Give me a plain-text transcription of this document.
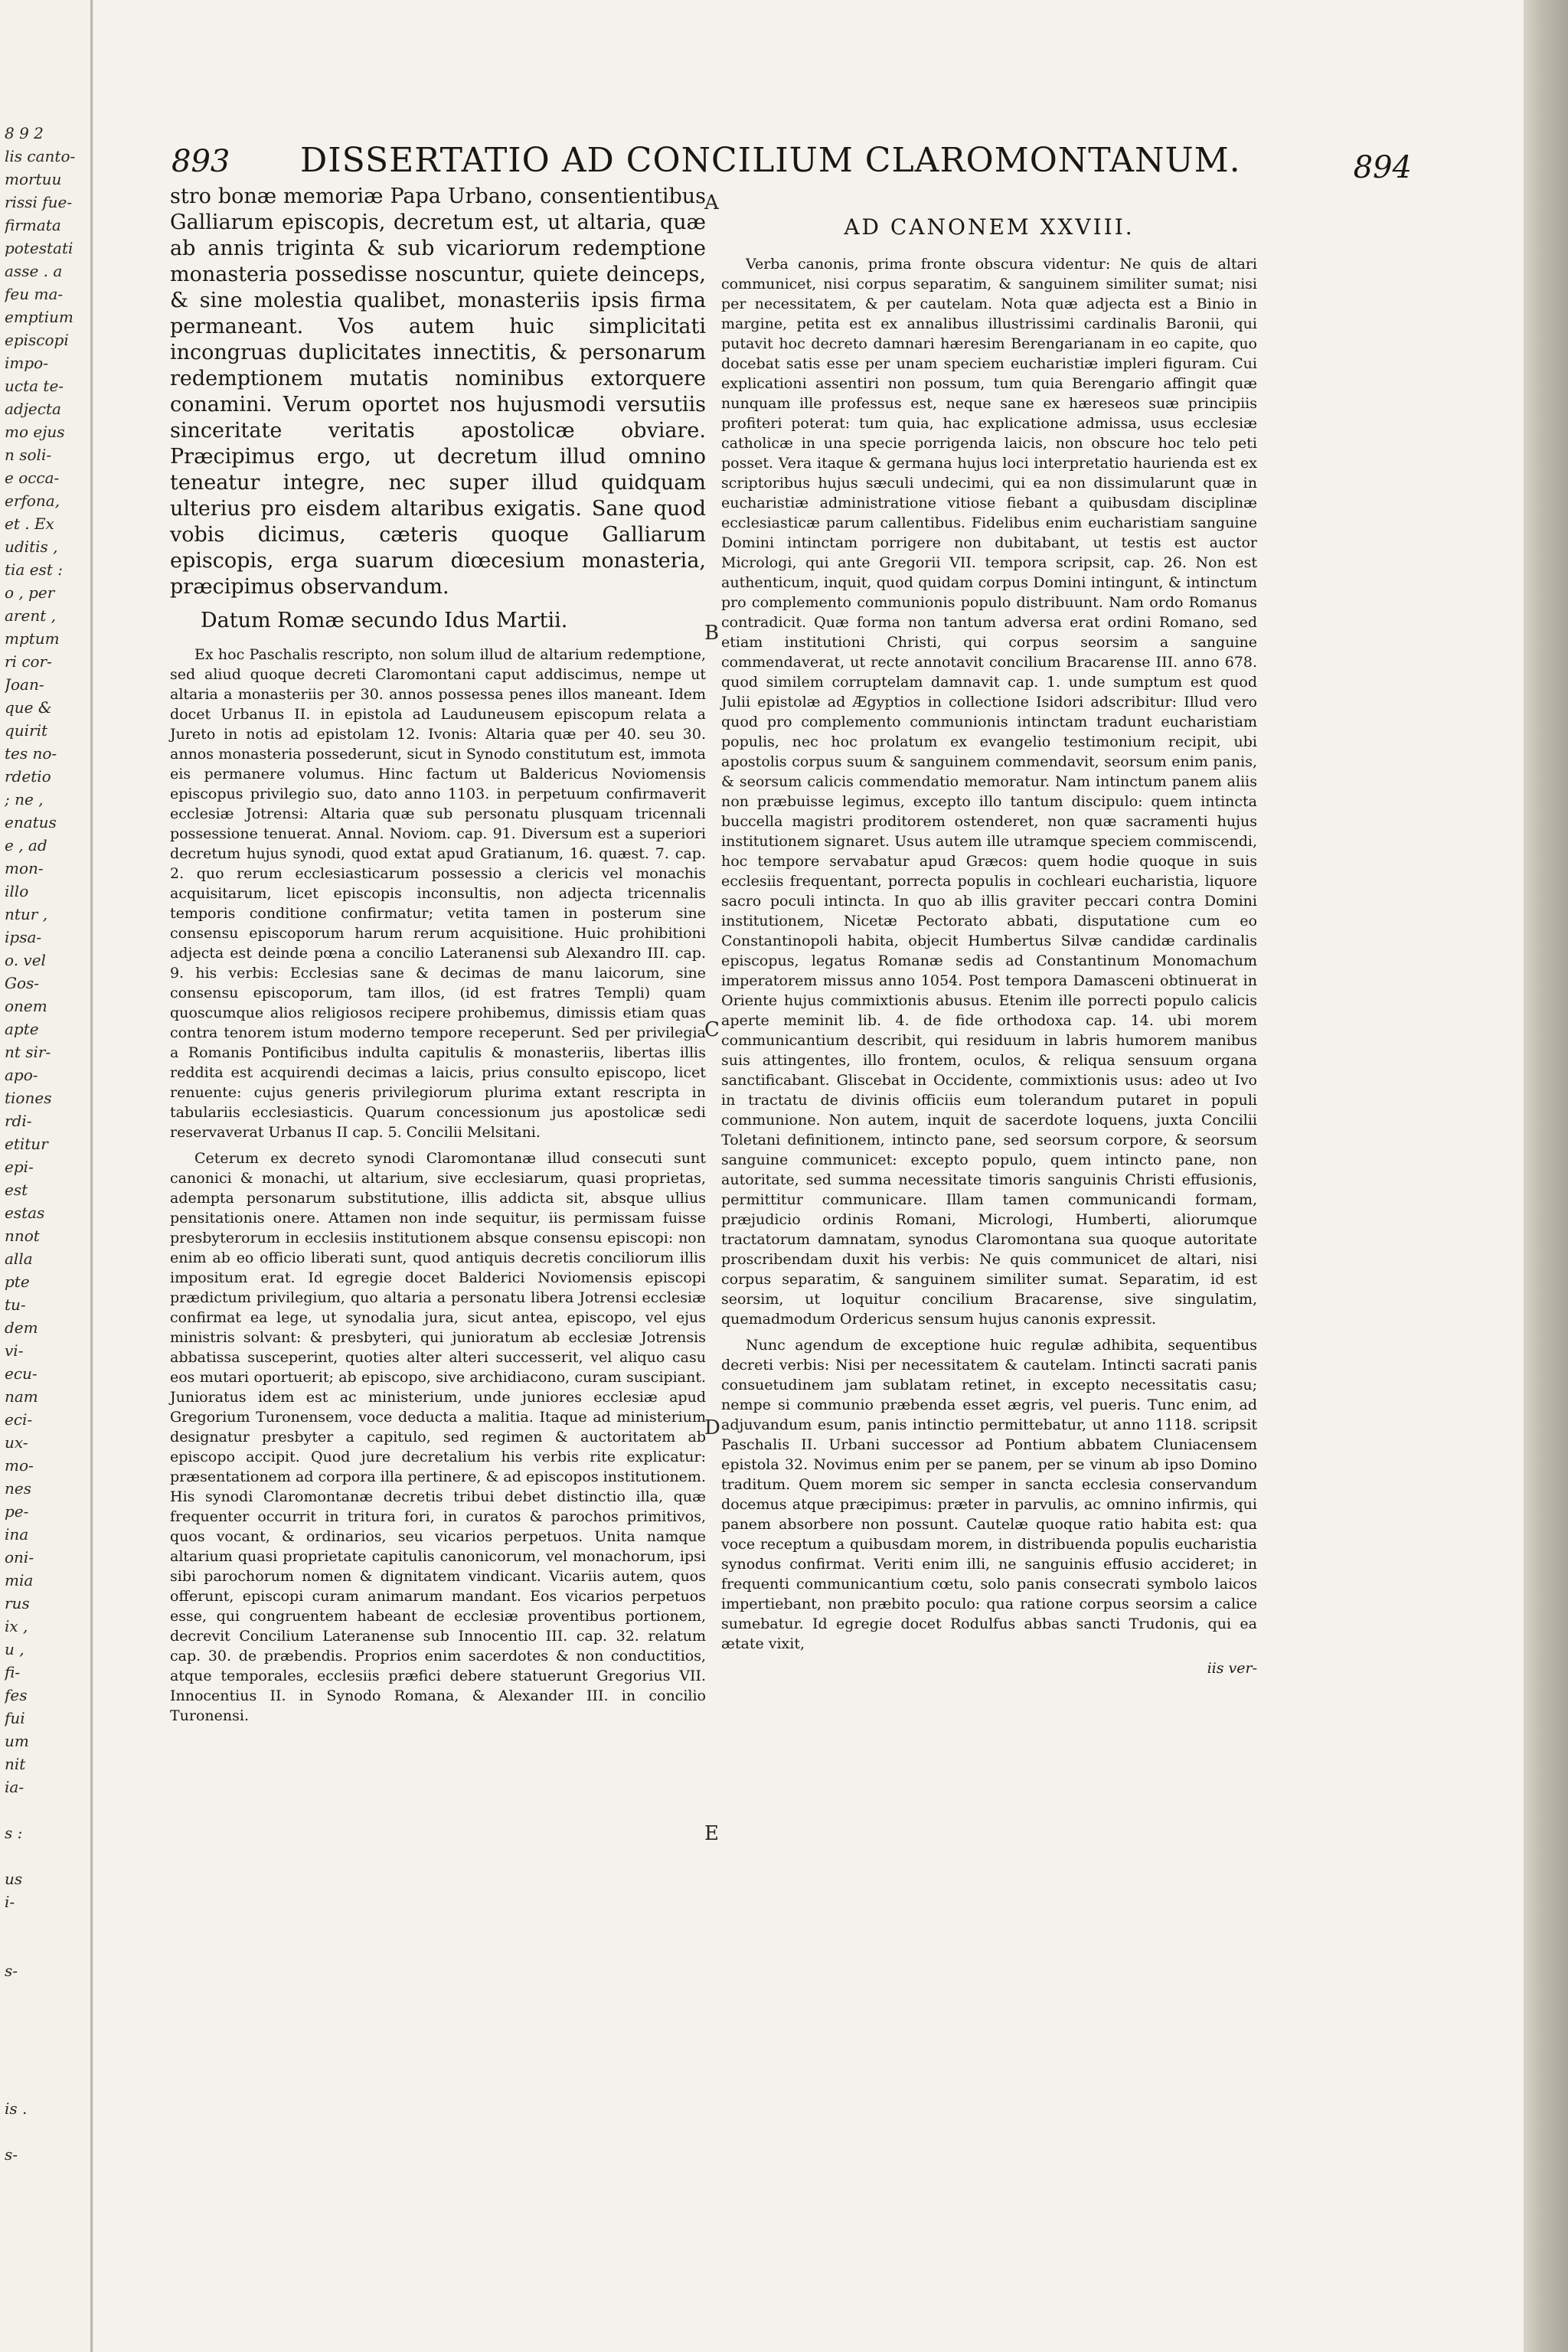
8 9 2
lis canto-
mortuu
rissi fue-
firmata
potestati
asse . a
feu ma-
emptium
episcopi
impo-
ucta te-
adjecta
mo ejus
n soli-
e occa-
erfona,
et . Ex
uditis ,
tia est :
o , per
arent ,
mptum
ri cor-
Joan-
que &
quirit
tes no-
rdetio
; ne ,
enatus
e , ad
mon-
illo
ntur ,
ipsa-
o. vel
Gos-
onem
apte
nt sir-
apo-
tiones
rdi-
etitur
epi-
est
estas
nnot
alla
pte
tu-
dem
vi-
ecu-
nam
eci-
ux-
mo-
nes
pe-
ina
oni-
mia
rus
ix ,
u ,
fi-
fes
fui
um
nit
ia-
s :
us
i-
s-
is .
s-
893 DISSERTATIO AD CONCILIUM CLAROMONTANUM.	894
A
B
C
D
E

stro bonæ memoriæ Papa Urbano, consentientibus Galliarum episcopis, decretum est, ut altaria, quæ ab annis triginta & sub vicariorum redemptione monasteria possedisse noscuntur, quiete deinceps, & sine molestia qualibet, monasteriis ipsis firma permaneant. Vos autem huic simplicitati incongruas duplicitates innectitis, & personarum redemptionem mutatis nominibus extorquere conamini. Verum oportet nos hujusmodi versutiis sinceritate veritatis apostolicæ obviare. Præcipimus ergo, ut decretum illud omnino teneatur integre, nec super illud quidquam ulterius pro eisdem altaribus exigatis. Sane quod vobis dicimus, cæteris quoque Galliarum episcopis, erga suarum diœcesium monasteria, præcipimus observandum.

Datum Romæ secundo Idus Martii.

Ex hoc Paschalis rescripto, non solum illud de altarium redemptione, sed aliud quoque decreti Claromontani caput addiscimus, nempe ut altaria a monasteriis per 30. annos possessa penes illos maneant. Idem docet Urbanus II. in epistola ad Lauduneusem episcopum relata a Jureto in notis ad epistolam 12. Ivonis: Altaria quæ per 40. seu 30. annos monasteria possederunt, sicut in Synodo constitutum est, immota eis permanere volumus. Hinc factum ut Baldericus Noviomensis episcopus privilegio suo, dato anno 1103. in perpetuum confirmaverit ecclesiæ Jotrensi: Altaria quæ sub personatu plusquam tricennali possessione tenuerat. Annal. Noviom. cap. 91. Diversum est a superiori decretum hujus synodi, quod extat apud Gratianum, 16. quæst. 7. cap. 2. quo rerum ecclesiasticarum possessio a clericis vel monachis acquisitarum, licet episcopis inconsultis, non adjecta tricennalis temporis conditione confirmatur; vetita tamen in posterum sine consensu episcoporum harum rerum acquisitione. Huic prohibitioni adjecta est deinde pœna a concilio Lateranensi sub Alexandro III. cap. 9. his verbis: Ecclesias sane & decimas de manu laicorum, sine consensu episcoporum, tam illos, (id est fratres Templi) quam quoscumque alios religiosos recipere prohibemus, dimissis etiam quas contra tenorem istum moderno tempore receperunt. Sed per privilegia a Romanis Pontificibus indulta capitulis & monasteriis, libertas illis reddita est acquirendi decimas a laicis, prius consulto episcopo, licet renuente: cujus generis privilegiorum plurima extant rescripta in tabulariis ecclesiasticis. Quarum concessionum jus apostolicæ sedi reservaverat Urbanus II cap. 5. Concilii Melsitani.

Ceterum ex decreto synodi Claromontanæ illud consecuti sunt canonici & monachi, ut altarium, sive ecclesiarum, quasi proprietas, adempta personarum substitutione, illis addicta sit, absque ullius pensitationis onere. Attamen non inde sequitur, iis permissam fuisse presbyterorum in ecclesiis institutionem absque consensu episcopi: non enim ab eo officio liberati sunt, quod antiquis decretis conciliorum illis impositum erat. Id egregie docet Balderici Noviomensis episcopi prædictum privilegium, quo altaria a personatu libera Jotrensi ecclesiæ confirmat ea lege, ut synodalia jura, sicut antea, episcopo, vel ejus ministris solvant: & presbyteri, qui junioratum ab ecclesiæ Jotrensis abbatissa susceperint, quoties alter alteri successerit, vel aliquo casu eos mutari oportuerit; ab episcopo, sive archidiacono, curam suscipiant. Junioratus idem est ac ministerium, unde juniores ecclesiæ apud Gregorium Turonensem, voce deducta a malitia. Itaque ad ministerium designatur presbyter a capitulo, sed regimen & auctoritatem ab episcopo accipit. Quod jure decretalium his verbis rite explicatur: præsentationem ad corpora illa pertinere, & ad episcopos institutionem. His synodi Claromontanæ decretis tribui debet distinctio illa, quæ frequenter occurrit in tritura fori, in curatos & parochos primitivos, quos vocant, & ordinarios, seu vicarios perpetuos. Unita namque altarium quasi proprietate capitulis canonicorum, vel monachorum, ipsi sibi parochorum nomen & dignitatem vindicant. Vicariis autem, quos offerunt, episcopi curam animarum mandant. Eos vicarios perpetuos esse, qui congruentem habeant de ecclesiæ proventibus portionem, decrevit Concilium Lateranense sub Innocentio III. cap. 32. relatum cap. 30. de præbendis. Proprios enim sacerdotes & non conductitios, atque temporales, ecclesiis præfici debere statuerunt Gregorius VII. Innocentius II. in Synodo Romana, & Alexander III. in concilio Turonensi.

AD CANONEM XXVIII.

Verba canonis, prima fronte obscura videntur: Ne quis de altari communicet, nisi corpus separatim, & sanguinem similiter sumat; nisi per necessitatem, & per cautelam. Nota quæ adjecta est a Binio in margine, petita est ex annalibus illustrissimi cardinalis Baronii, qui putavit hoc decreto damnari hæresim Berengarianam in eo capite, quo docebat satis esse per unam speciem eucharistiæ impleri figuram. Cui explicationi assentiri non possum, tum quia Berengario affingit quæ nunquam ille professus est, neque sane ex hæreseos suæ principiis profiteri poterat: tum quia, hac explicatione admissa, usus ecclesiæ catholicæ in una specie porrigenda laicis, non obscure hoc telo peti posset. Vera itaque & germana hujus loci interpretatio haurienda est ex scriptoribus hujus sæculi undecimi, qui ea non dissimularunt quæ in eucharistiæ administratione vitiose fiebant a quibusdam disciplinæ ecclesiasticæ parum callentibus. Fidelibus enim eucharistiam sanguine Domini intinctam porrigere non dubitabant, ut testis est auctor Micrologi, qui ante Gregorii VII. tempora scripsit, cap. 26. Non est authenticum, inquit, quod quidam corpus Domini intingunt, & intinctum pro complemento communionis populo distribuunt. Nam ordo Romanus contradicit. Quæ forma non tantum adversa erat ordini Romano, sed etiam institutioni Christi, qui corpus seorsim a sanguine commendaverat, ut recte annotavit concilium Bracarense III. anno 678. quod similem corruptelam damnavit cap. 1. unde sumptum est quod Julii epistolæ ad Ægyptios in collectione Isidori adscribitur: Illud vero quod pro complemento communionis intinctam tradunt eucharistiam populis, nec hoc prolatum ex evangelio testimonium recipit, ubi apostolis corpus suum & sanguinem commendavit, seorsum enim panis, & seorsum calicis commendatio memoratur. Nam intinctum panem aliis non præbuisse legimus, excepto illo tantum discipulo: quem intincta buccella magistri proditorem ostenderet, non quæ sacramenti hujus institutionem signaret. Usus autem ille utramque speciem commiscendi, hoc tempore servabatur apud Græcos: quem hodie quoque in suis ecclesiis frequentant, porrecta populis in cochleari eucharistia, liquore sacro poculi intincta. In quo ab illis graviter peccari contra Domini institutionem, Nicetæ Pectorato abbati, disputatione cum eo Constantinopoli habita, objecit Humbertus Silvæ candidæ cardinalis episcopus, legatus Romanæ sedis ad Constantinum Monomachum imperatorem missus anno 1054. Post tempora Damasceni obtinuerat in Oriente hujus commixtionis abusus. Etenim ille porrecti populo calicis aperte meminit lib. 4. de fide orthodoxa cap. 14. ubi morem communicantium describit, qui residuum in labris humorem manibus suis attingentes, illo frontem, oculos, & reliqua sensuum organa sanctificabant. Gliscebat in Occidente, commixtionis usus: adeo ut Ivo in tractatu de divinis officiis eum tolerandum putaret in populi communione. Non autem, inquit de sacerdote loquens, juxta Concilii Toletani definitionem, intincto pane, sed seorsum corpore, & seorsum sanguine communicet: excepto populo, quem intincto pane, non autoritate, sed summa necessitate timoris sanguinis Christi effusionis, permittitur communicare. Illam tamen communicandi formam, præjudicio ordinis Romani, Micrologi, Humberti, aliorumque tractatorum damnatam, synodus Claromontana sua quoque autoritate proscribendam duxit his verbis: Ne quis communicet de altari, nisi corpus separatim, & sanguinem similiter sumat. Separatim, id est seorsim, ut loquitur concilium Bracarense, sive singulatim, quemadmodum Ordericus sensum hujus canonis expressit.

Nunc agendum de exceptione huic regulæ adhibita, sequentibus decreti verbis: Nisi per necessitatem & cautelam. Intincti sacrati panis consuetudinem jam sublatam retinet, in excepto necessitatis casu; nempe si communio præbenda esset ægris, vel pueris. Tunc enim, ad adjuvandum esum, panis intinctio permittebatur, ut anno 1118. scripsit Paschalis II. Urbani successor ad Pontium abbatem Cluniacensem epistola 32. Novimus enim per se panem, per se vinum ab ipso Domino traditum. Quem morem sic semper in sancta ecclesia conservandum docemus atque præcipimus: præter in parvulis, ac omnino infirmis, qui panem absorbere non possunt. Cautelæ quoque ratio habita est: qua voce receptum a quibusdam morem, in distribuenda populis eucharistia synodus confirmat. Veriti enim illi, ne sanguinis effusio accideret; in frequenti communicantium cœtu, solo panis consecrati symbolo laicos impertiebant, non præbito poculo: qua ratione corpus seorsim a calice sumebatur. Id egregie docet Rodulfus abbas sancti Trudonis, qui ea ætate vixit,

iis ver-
